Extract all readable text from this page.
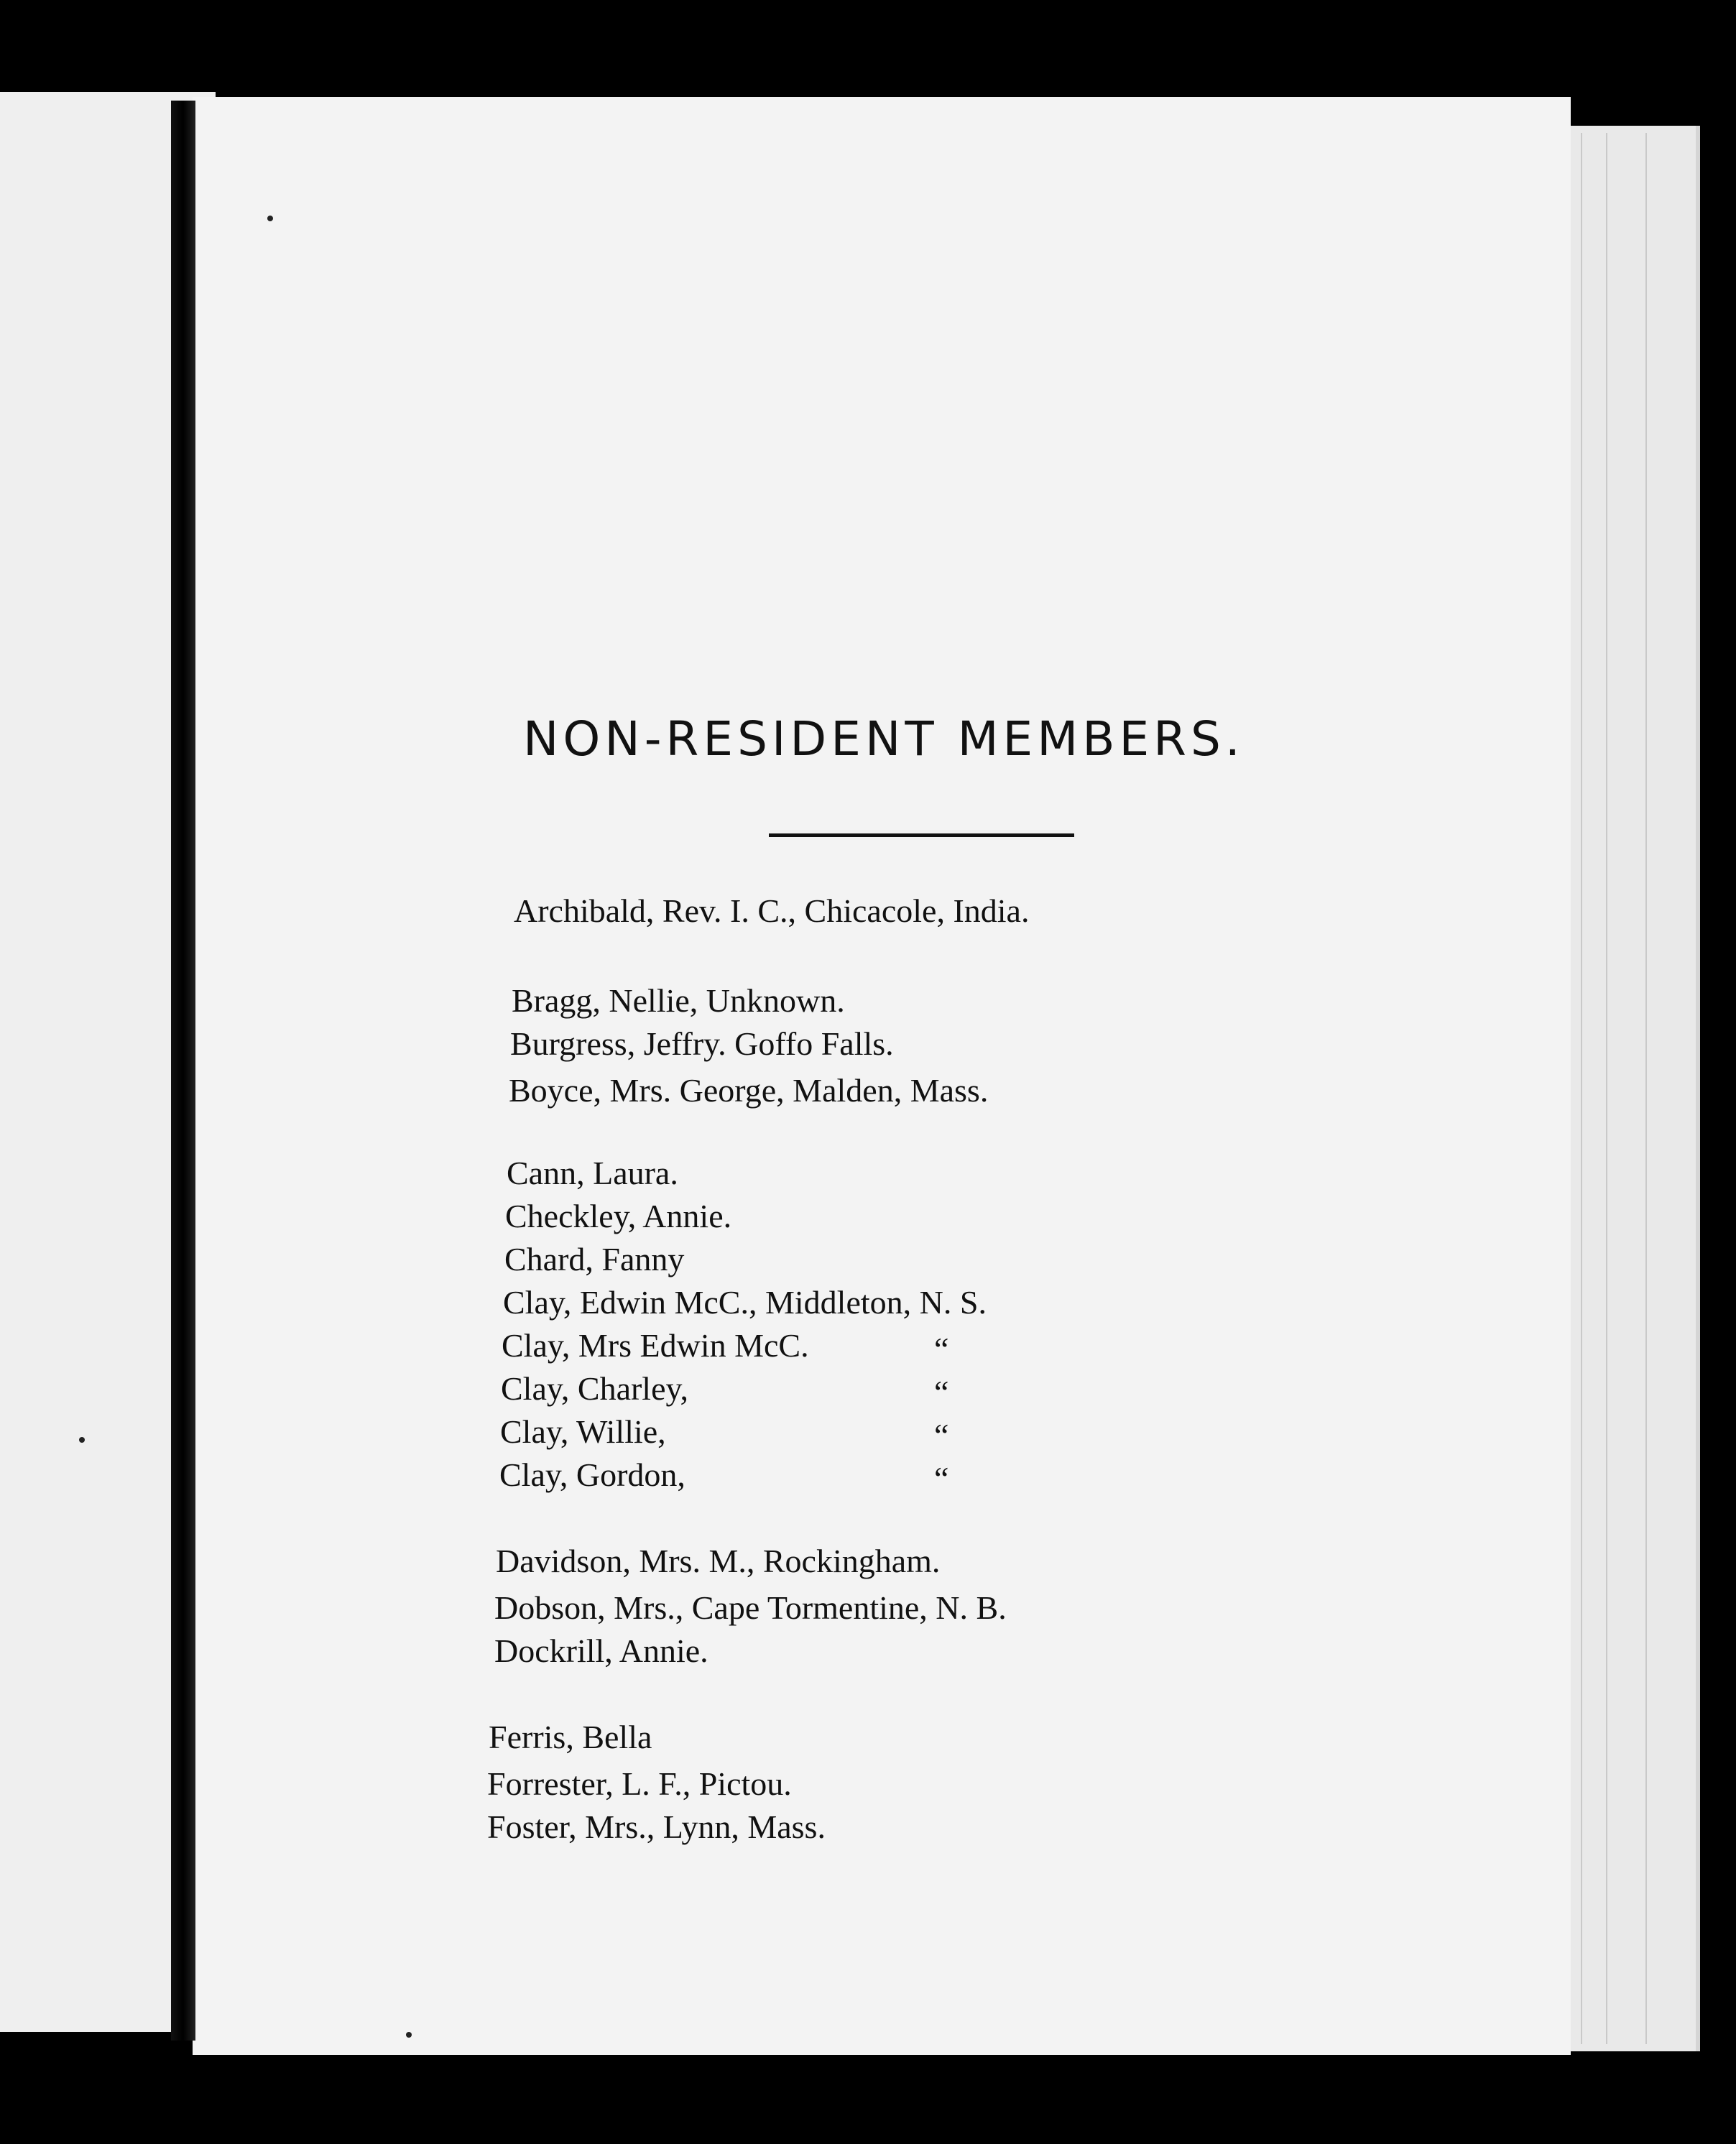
NON-RESIDENT MEMBERS.
Archibald, Rev. I. C., Chicacole, India.
Bragg, Nellie, Unknown.
Burgress, Jeffry. Goffo Falls.
Boyce, Mrs. George, Malden, Mass.
Cann, Laura.
Checkley, Annie.
Chard, Fanny
Clay, Edwin McC., Middleton, N. S.
Clay, Mrs Edwin McC.	“
Clay, Charley,	“
Clay, Willie,	“
Clay, Gordon,	“
Davidson, Mrs. M., Rockingham.
Dobson, Mrs., Cape Tormentine, N. B.
Dockrill, Annie.
Ferris, Bella
Forrester, L. F., Pictou.
Foster, Mrs., Lynn, Mass.
